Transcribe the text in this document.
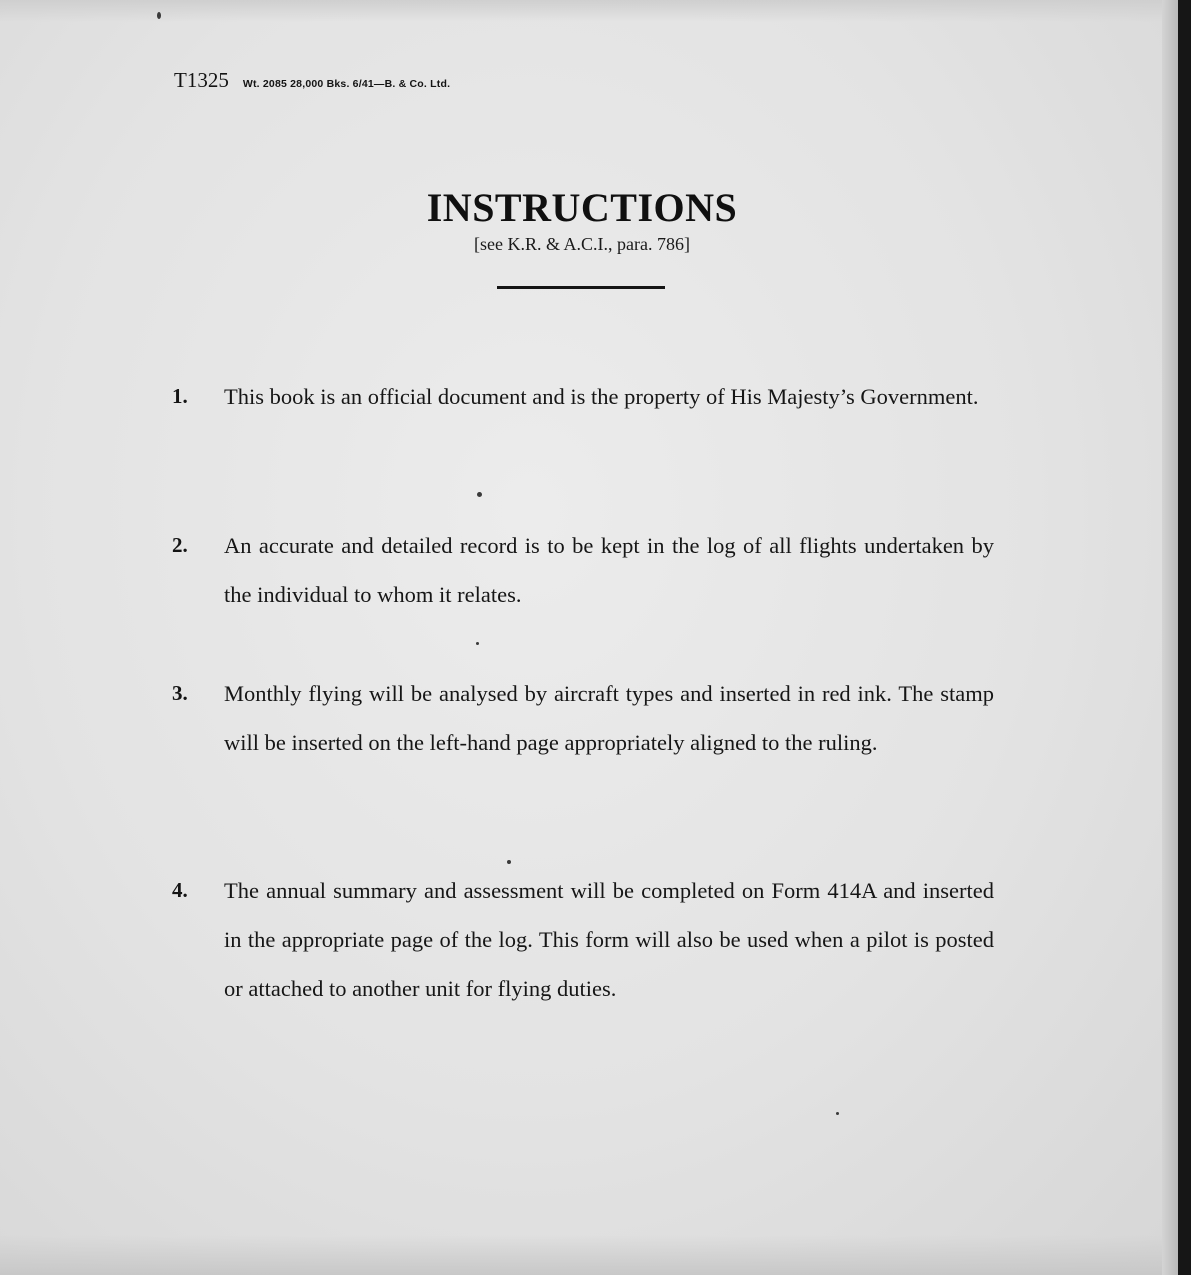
T1325 Wt. 2085 28,000 Bks. 6/41—B. & Co. Ltd.
INSTRUCTIONS
[see K.R. & A.C.I., para. 786]
1. This book is an official document and is the property of His Majesty’s Government.

2. An accurate and detailed record is to be kept in the log of all flights undertaken by the individual to whom it relates.

3. Monthly flying will be analysed by aircraft types and inserted in red ink. The stamp will be inserted on the left-hand page appropriately aligned to the ruling.

4. The annual summary and assessment will be completed on Form 414A and inserted in the appropriate page of the log. This form will also be used when a pilot is posted or attached to another unit for flying duties.
